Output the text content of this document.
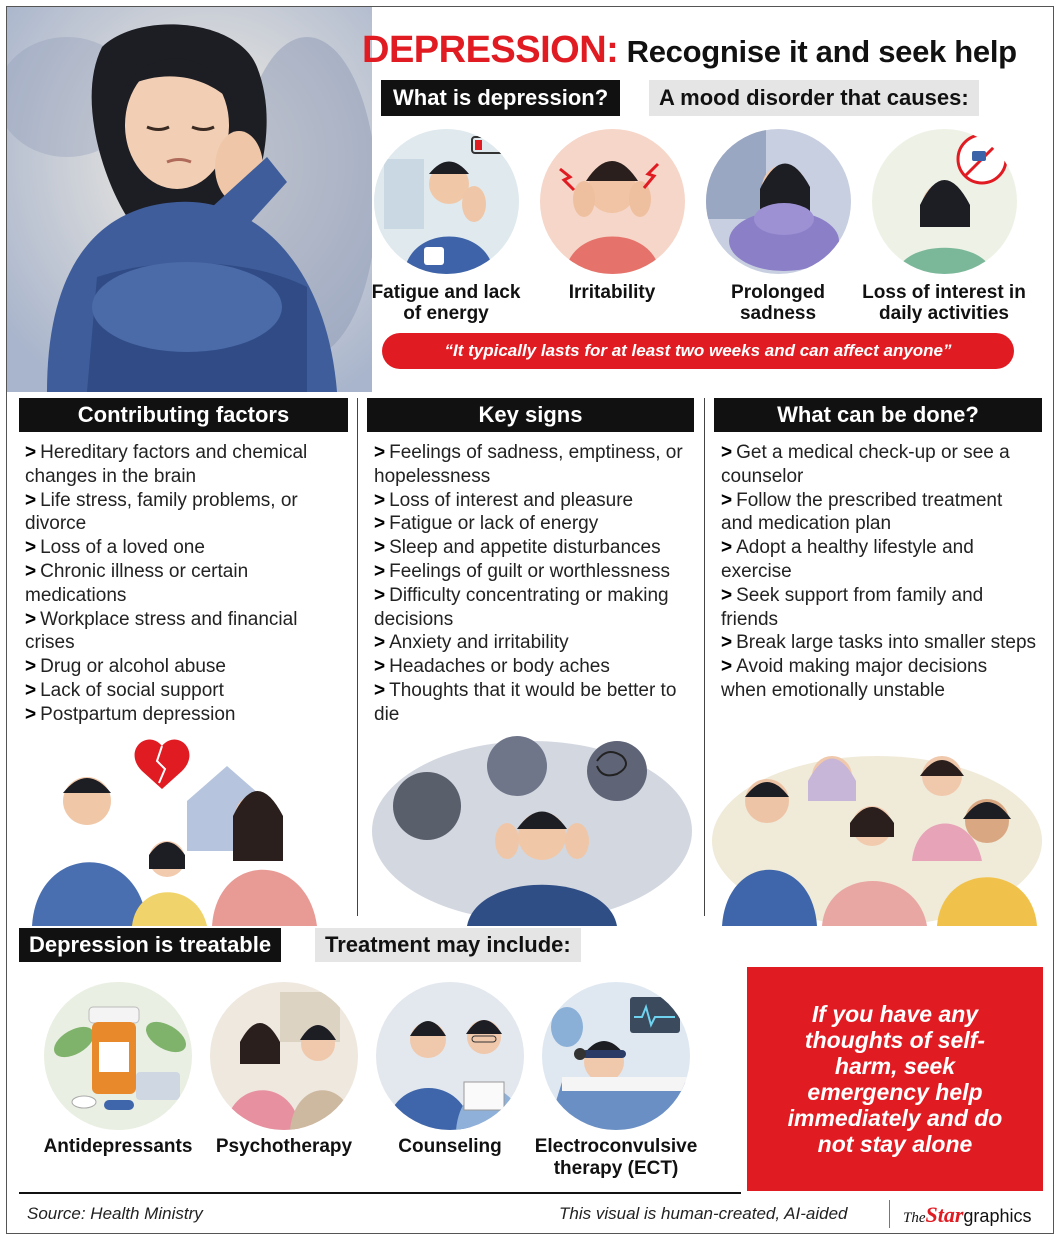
DEPRESSION: Recognise it and seek help
What is depression?	A mood disorder that causes:
Fatigue and lack of energy
Irritability	Prolonged sadness
Loss of interest in daily activities
“It typically lasts for at least two weeks and can affect anyone”
Contributing factors
> Hereditary factors and chemical changes in the brain
> Life stress, family problems, or divorce
> Loss of a loved one
> Chronic illness or certain medications
> Workplace stress and financial crises
> Drug or alcohol abuse
> Lack of social support
> Postpartum depression
Key signs
> Feelings of sadness, emptiness, or hopelessness
> Loss of interest and pleasure
> Fatigue or lack of energy
> Sleep and appetite disturbances
> Feelings of guilt or worthlessness
> Difficulty concentrating or making decisions
> Anxiety and irritability
> Headaches or body aches
> Thoughts that it would be better to die
What can be done?
> Get a medical check-up or see a counselor
> Follow the prescribed treatment and medication plan
> Adopt a healthy lifestyle and exercise
> Seek support from family and friends
> Break large tasks into smaller steps
> Avoid making major decisions when emotionally unstable
Depression is treatable	Treatment may include:
Antidepressants	Psychotherapy	Counseling	Electroconvulsive therapy (ECT)
If you have any thoughts of self-harm, seek emergency help immediately and do not stay alone
Source: Health Ministry	This visual is human-created, AI-aided	TheStargraphics
